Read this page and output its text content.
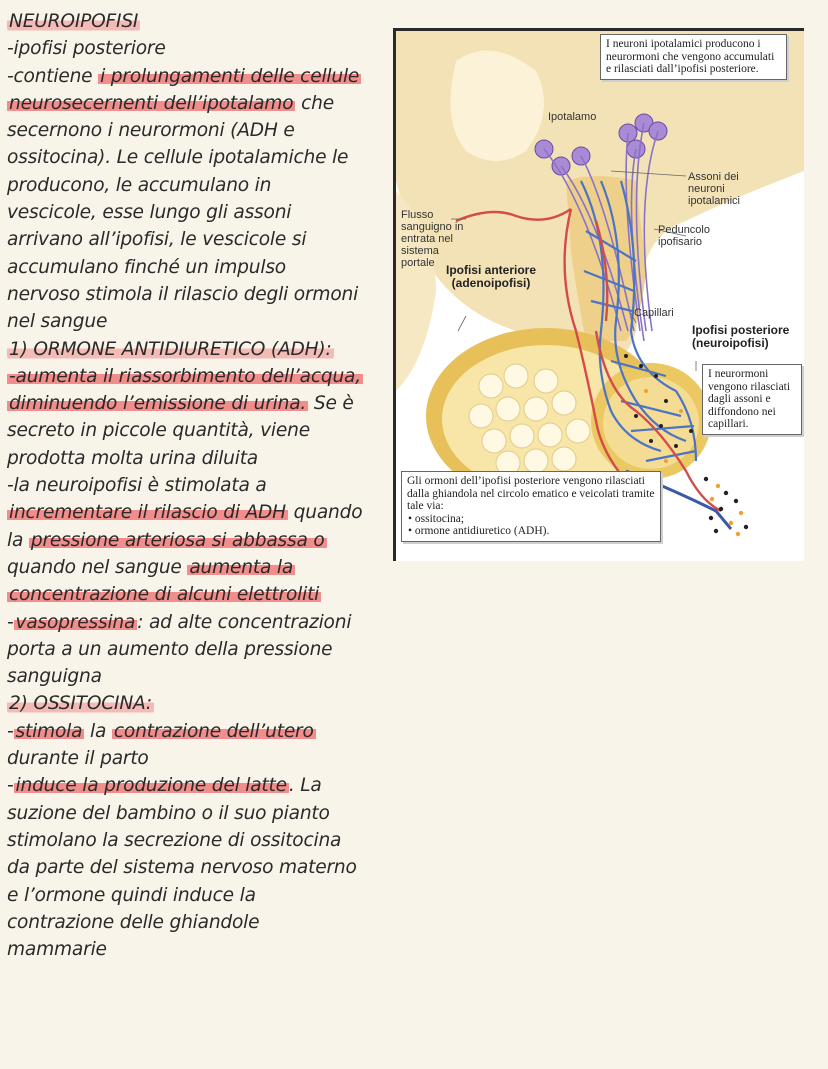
NEUROIPOFISI
-ipofisi posteriore
-contiene i prolungamenti delle cellule
neurosecernenti dell’ipotalamo che
secernono i neurormoni (ADH e
ossitocina). Le cellule ipotalamiche le
producono, le accumulano in
vescicole, esse lungo gli assoni
arrivano all’ipofisi, le vescicole si
accumulano finché un impulso
nervoso stimola il rilascio degli ormoni
nel sangue
1) ORMONE ANTIDIURETICO (ADH):
-aumenta il riassorbimento dell’acqua,
diminuendo l’emissione di urina. Se è
secreto in piccole quantità, viene
prodotta molta urina diluita
-la neuroipofisi è stimolata a
incrementare il rilascio di ADH quando
la pressione arteriosa si abbassa o
quando nel sangue aumenta la
concentrazione di alcuni elettroliti
- vasopressina : ad alte concentrazioni
porta a un aumento della pressione
sanguigna
2) OSSITOCINA:
- stimola la contrazione dell’utero
durante il parto
- induce la produzione del latte . La
suzione del bambino o il suo pianto
stimolano la secrezione di ossitocina
da parte del sistema nervoso materno
e l’ormone quindi induce la
contrazione delle ghiandole
mammarie
I neuroni ipotalamici producono i neurormoni che vengono accumulati e rilasciati dall’ipofisi posteriore.
Ipotalamo
Assoni dei neuroni ipotalamici
Flusso sanguigno in entrata nel sistema portale
Peduncolo ipofisario
Ipofisi anteriore (adenoipofisi)
Capillari
Ipofisi posteriore (neuroipofisi)
I neurormoni vengono rilasciati dagli assoni e diffondono nei capillari.
Gli ormoni dell’ipofisi posteriore vengono rilasciati dalla ghiandola nel circolo ematico e veicolati tramite tale via:
• ossitocina;
• ormone antidiuretico (ADH).
